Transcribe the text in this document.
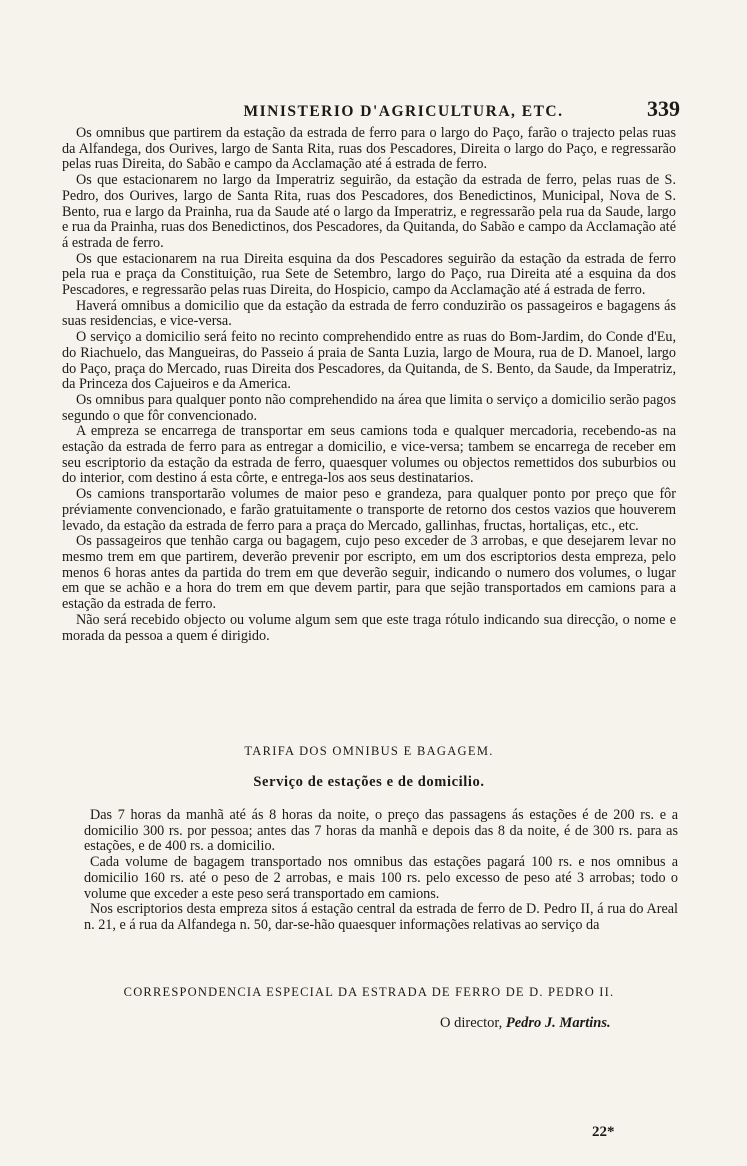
MINISTERIO D'AGRICULTURA, ETC.	339

Os omnibus que partirem da estação da estrada de ferro para o largo do Paço, farão o trajecto pelas ruas da Alfandega, dos Ourives, largo de Santa Rita, ruas dos Pescadores, Direita o largo do Paço, e regressarão pelas ruas Direita, do Sabão e campo da Acclamação até á estrada de ferro.

Os que estacionarem no largo da Imperatriz seguirão, da estação da estrada de ferro, pelas ruas de S. Pedro, dos Ourives, largo de Santa Rita, ruas dos Pescadores, dos Benedictinos, Municipal, Nova de S. Bento, rua e largo da Prainha, rua da Saude até o largo da Imperatriz, e regressarão pela rua da Saude, largo e rua da Prainha, ruas dos Benedictinos, dos Pescadores, da Quitanda, do Sabão e campo da Acclamação até á estrada de ferro.

Os que estacionarem na rua Direita esquina da dos Pescadores seguirão da estação da estrada de ferro pela rua e praça da Constituição, rua Sete de Setembro, largo do Paço, rua Direita até a esquina da dos Pescadores, e regressarão pelas ruas Direita, do Hospicio, campo da Acclamação até á estrada de ferro.

Haverá omnibus a domicilio que da estação da estrada de ferro conduzirão os passageiros e bagagens ás suas residencias, e vice-versa.

O serviço a domicilio será feito no recinto comprehendido entre as ruas do Bom-Jardim, do Conde d'Eu, do Riachuelo, das Mangueiras, do Passeio á praia de Santa Luzia, largo de Moura, rua de D. Manoel, largo do Paço, praça do Mercado, ruas Direita dos Pescadores, da Quitanda, de S. Bento, da Saude, da Imperatriz, da Princeza dos Cajueiros e da America.

Os omnibus para qualquer ponto não comprehendido na área que limita o serviço a domicilio serão pagos segundo o que fôr convencionado.

A empreza se encarrega de transportar em seus camions toda e qualquer mercadoria, recebendo-as na estação da estrada de ferro para as entregar a domicilio, e vice-versa; tambem se encarrega de receber em seu escriptorio da estação da estrada de ferro, quaesquer volumes ou objectos remettidos dos suburbios ou do interior, com destino á esta côrte, e entrega-los aos seus destinatarios.

Os camions transportarão volumes de maior peso e grandeza, para qualquer ponto por preço que fôr préviamente convencionado, e farão gratuitamente o transporte de retorno dos cestos vazios que houverem levado, da estação da estrada de ferro para a praça do Mercado, gallinhas, fructas, hortaliças, etc., etc.

Os passageiros que tenhão carga ou bagagem, cujo peso exceder de 3 arrobas, e que desejarem levar no mesmo trem em que partirem, deverão prevenir por escripto, em um dos escriptorios desta empreza, pelo menos 6 horas antes da partida do trem em que deverão seguir, indicando o numero dos volumes, o lugar em que se achão e a hora do trem em que devem partir, para que sejão transportados em camions para a estação da estrada de ferro.

Não será recebido objecto ou volume algum sem que este traga rótulo indicando sua direcção, o nome e morada da pessoa a quem é dirigido.

TARIFA DOS OMNIBUS E BAGAGEM.
Serviço de estações e de domicilio.

Das 7 horas da manhã até ás 8 horas da noite, o preço das passagens ás estações é de 200 rs. e a domicilio 300 rs. por pessoa; antes das 7 horas da manhã e depois das 8 da noite, é de 300 rs. para as estações, e de 400 rs. a domicilio.

Cada volume de bagagem transportado nos omnibus das estações pagará 100 rs. e nos omnibus a domicilio 160 rs. até o peso de 2 arrobas, e mais 100 rs. pelo excesso de peso até 3 arrobas; todo o volume que exceder a este peso será transportado em camions.

Nos escriptorios desta empreza sitos á estação central da estrada de ferro de D. Pedro II, á rua do Areal n. 21, e á rua da Alfandega n. 50, dar-se-hão quaesquer informações relativas ao serviço da

CORRESPONDENCIA ESPECIAL DA ESTRADA DE FERRO DE D. PEDRO II.
O director, Pedro J. Martins.
22*
